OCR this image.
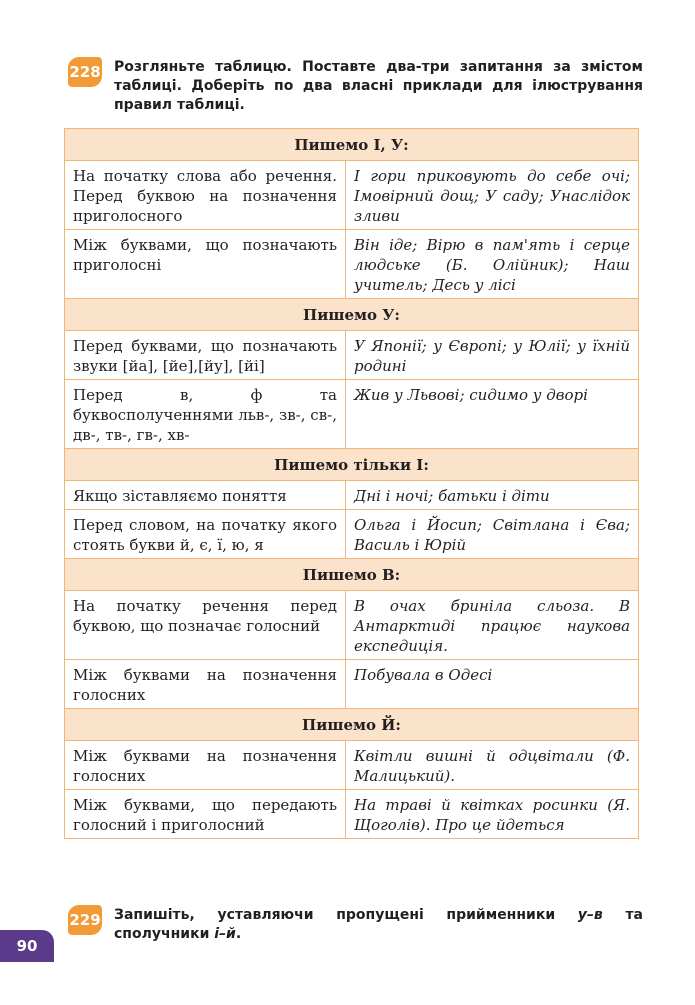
228 Розгляньте таблицю. Поставте два-три запитання за змістом таблиці. Доберіть по два власні приклади для ілюстрування правил таблиці.
Пишемо І, У:	
На початку слова або речення. Перед буквою на позначення приголосного	І гори приковують до себе очі; Імовірний дощ; У саду; Унаслідок зливи
Між буквами, що позначають приголосні	Він іде; Вірю в пам'ять і серце людське (Б. Олійник); Наш учитель; Десь у лісі
Пишемо У:	
Перед буквами, що позначають звуки [йа], [йе],[йу], [йі]	У Японії; у Європі; у Юлії; у їхній родині
Перед в, ф та буквосполученнями льв-, зв-, св-, дв-, тв-, гв-, хв-	Жив у Львові; сидимо у дворі
Пишемо тільки І:	
Якщо зіставляємо поняття	Дні і ночі; батьки і діти
Перед словом, на початку якого стоять букви й, є, ї, ю, я	Ольга і Йосип; Світлана і Єва; Василь і Юрій
Пишемо В:	
На початку речення перед буквою, що позначає голосний	В очах бриніла сльоза. В Антарктиді працює наукова експедиція.
Між буквами на позначення голосних	Побувала в Одесі
Пишемо Й:	
Між буквами на позначення голосних	Квітли вишні й одцвітали (Ф. Малицький).
Між буквами, що передають голосний і приголосний	На траві й квітках росинки (Я. Щоголів). Про це йдеться
229 Запишіть, уставляючи пропущені прийменники у–в та сполучники і–й.
90
